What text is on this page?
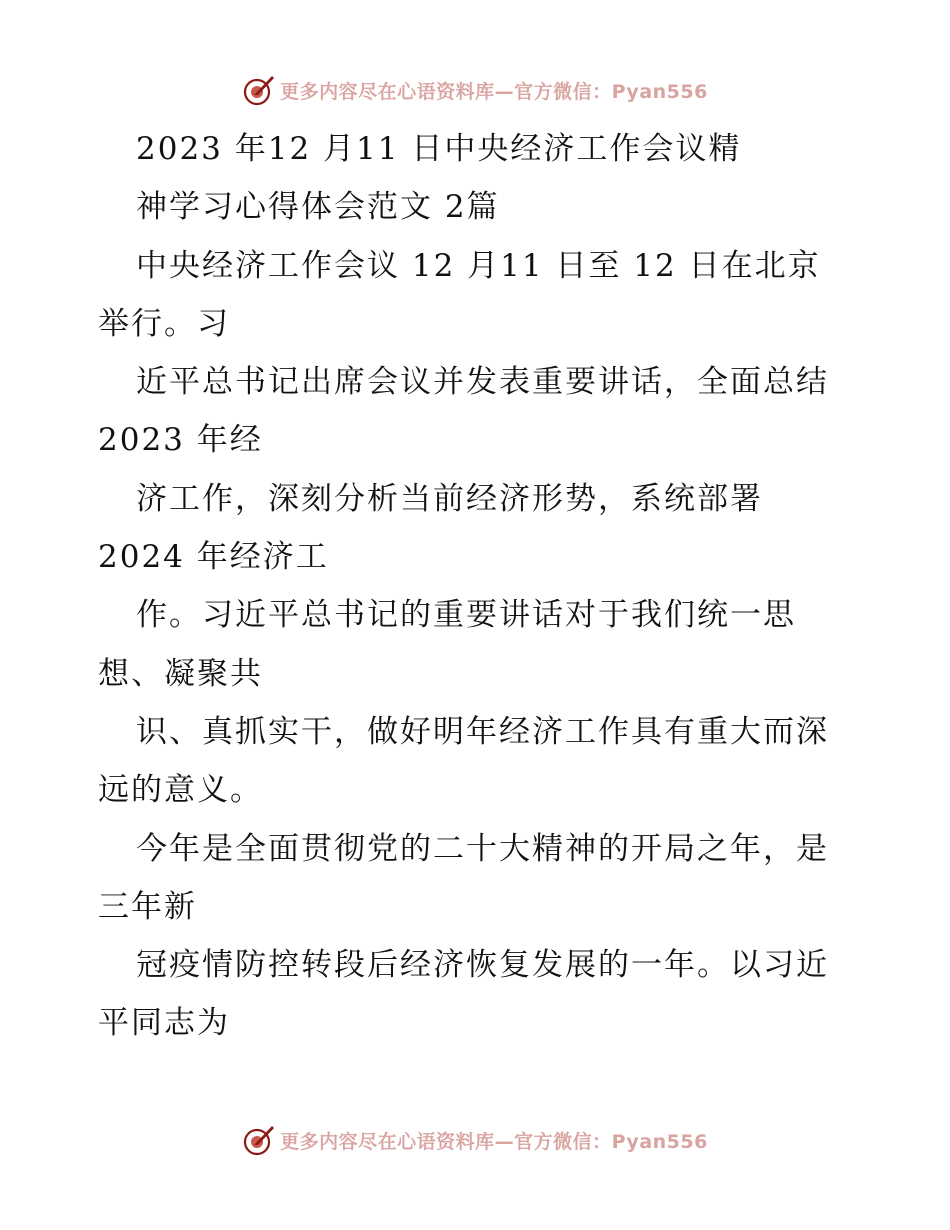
更多内容尽在心语资料库—官方微信：Pyan556
2023 年12 月11 日中央经济工作会议精
神学习心得体会范文 2篇
中央经济工作会议 12 月11 日至 12 日在北京
举行。习
近平总书记出席会议并发表重要讲话，全面总结
2023 年经
济工作，深刻分析当前经济形势，系统部署
2024 年经济工
作。习近平总书记的重要讲话对于我们统一思
想、凝聚共
识、真抓实干，做好明年经济工作具有重大而深
远的意义。
今年是全面贯彻党的二十大精神的开局之年，是
三年新
冠疫情防控转段后经济恢复发展的一年。以习近
平同志为
更多内容尽在心语资料库—官方微信：Pyan556
